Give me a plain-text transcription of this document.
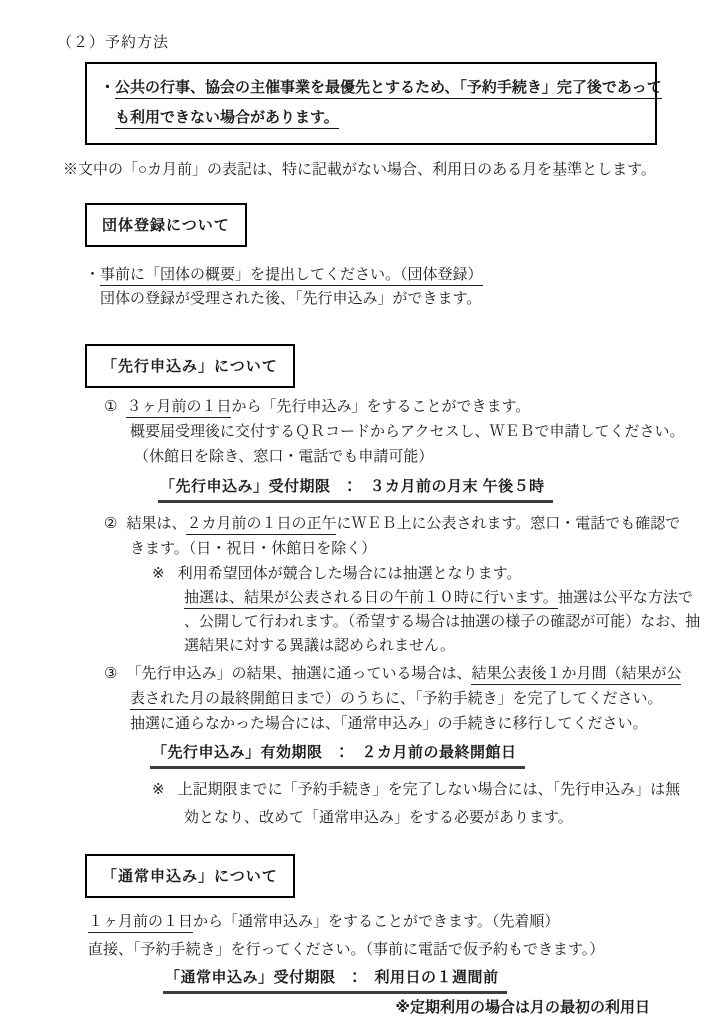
（２）予約方法
・公共の行事、協会の主催事業を最優先とするため、「予約手続き」完了後であって
も利用できない場合があります。
※文中の「○カ月前」の表記は、特に記載がない場合、利用日のある月を基準とします。
団体登録について
・事前に「団体の概要」を提出してください。（団体登録）
団体の登録が受理された後、「先行申込み」ができます。
「先行申込み」について
① ３ヶ月前の１日から「先行申込み」をすることができます。
概要届受理後に交付するＱＲコードからアクセスし、ＷＥＢで申請してください。
（休館日を除き、窓口・電話でも申請可能）
「先行申込み」受付期限　：　３カ月前の月末 午後５時
② 結果は、２カ月前の１日の正午にＷＥＢ上に公表されます。窓口・電話でも確認で
きます。（日・祝日・休館日を除く）
※ 利用希望団体が競合した場合には抽選となります。
抽選は、結果が公表される日の午前１０時に行います。抽選は公平な方法で
、公開して行われます。（希望する場合は抽選の様子の確認が可能）なお、抽
選結果に対する異議は認められません。
③ 「先行申込み」の結果、抽選に通っている場合は、結果公表後１か月間（結果が公
表された月の最終開館日まで）のうちに、「予約手続き」を完了してください。
抽選に通らなかった場合には、「通常申込み」の手続きに移行してください。
「先行申込み」有効期限　：　２カ月前の最終開館日
※ 上記期限までに「予約手続き」を完了しない場合には、「先行申込み」は無
効となり、改めて「通常申込み」をする必要があります。
「通常申込み」について
１ヶ月前の１日から「通常申込み」をすることができます。（先着順）
直接、「予約手続き」を行ってください。（事前に電話で仮予約もできます。）
「通常申込み」受付期限　：　利用日の１週間前
※定期利用の場合は月の最初の利用日
